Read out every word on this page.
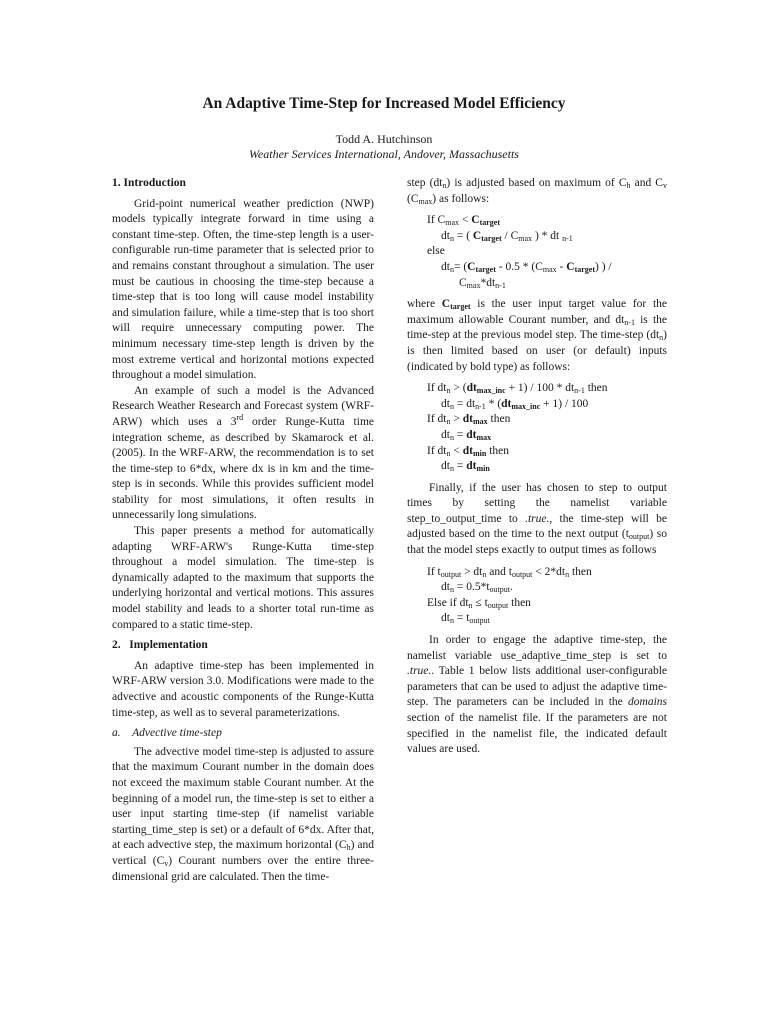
An Adaptive Time-Step for Increased Model Efficiency
Todd A. Hutchinson
Weather Services International, Andover, Massachusetts
1. Introduction

Grid-point numerical weather prediction (NWP) models typically integrate forward in time using a constant time-step. Often, the time-step length is a user-configurable run-time parameter that is selected prior to and remains constant throughout a simulation. The user must be cautious in choosing the time-step because a time-step that is too long will cause model instability and simulation failure, while a time-step that is too short will require unnecessary computing power. The minimum necessary time-step length is driven by the most extreme vertical and horizontal motions expected throughout a model simulation.

An example of such a model is the Advanced Research Weather Research and Forecast system (WRF-ARW) which uses a 3rd order Runge-Kutta time integration scheme, as described by Skamarock et al. (2005). In the WRF-ARW, the recommendation is to set the time-step to 6*dx, where dx is in km and the time-step is in seconds. While this provides sufficient model stability for most simulations, it often results in unnecessarily long simulations.

This paper presents a method for automatically adapting WRF-ARW's Runge-Kutta time-step throughout a model simulation. The time-step is dynamically adapted to the maximum that supports the underlying horizontal and vertical motions. This assures model stability and leads to a shorter total run-time as compared to a static time-step.

2.   Implementation

An adaptive time-step has been implemented in WRF-ARW version 3.0. Modifications were made to the advective and acoustic components of the Runge-Kutta time-step, as well as to several parameterizations.

a.    Advective time-step

The advective model time-step is adjusted to assure that the maximum Courant number in the domain does not exceed the maximum stable Courant number. At the beginning of a model run, the time-step is set to either a user input starting time-step (if namelist variable starting_time_step is set) or a default of 6*dx. After that, at each advective step, the maximum horizontal $(C_h)$ and vertical $(C_v)$ Courant numbers over the entire three-dimensional grid are calculated. Then the time-

step $(dt_n)$ is adjusted based on maximum of $C_h$ and $C_v$ $(C_{max})$ as follows:

If $C_{max} < C_{target}$
$dt_n$ = ( $C_{target} / C_{max}$ ) * dt $_{n-1}$
else
$dt_n= (C_{target} - 0.5 * (C_{max} - C_{target})$ ) /
$C_{max}*dt_{n-1}$

where $C_{target}$ is the user input target value for the maximum allowable Courant number, and $dt_{n-1}$ is the time-step at the previous model step. The time-step $(dt_n)$ is then limited based on user (or default) inputs (indicated by bold type) as follows:

If $dt_n > (dt_{max\_inc} + 1) / 100 * dt_{n-1}$ then
$dt_n = dt_{n-1} * (dt_{max\_inc} + 1) / 100$
If $dt_n > dt_{max}$ then
$dt_n = dt_{max}$
If $dt_n < dt_{min}$ then
$dt_n = dt_{min}$

Finally, if the user has chosen to step to output times by setting the namelist variable step_to_output_time to .true., the time-step will be adjusted based on the time to the next output $(t_{output})$ so that the model steps exactly to output times as follows

If $t_{output} > dt_n$ and $t_{output} < 2*dt_n$ then
$dt_n = 0.5*t_{output}$.
Else if $dt_n \le t_{output}$ then
$dt_n = t_{output}$

In order to engage the adaptive time-step, the namelist variable use_adaptive_time_step is set to .true.. Table 1 below lists additional user-configurable parameters that can be used to adjust the adaptive time-step. The parameters can be included in the domains section of the namelist file. If the parameters are not specified in the namelist file, the indicated default values are used.
